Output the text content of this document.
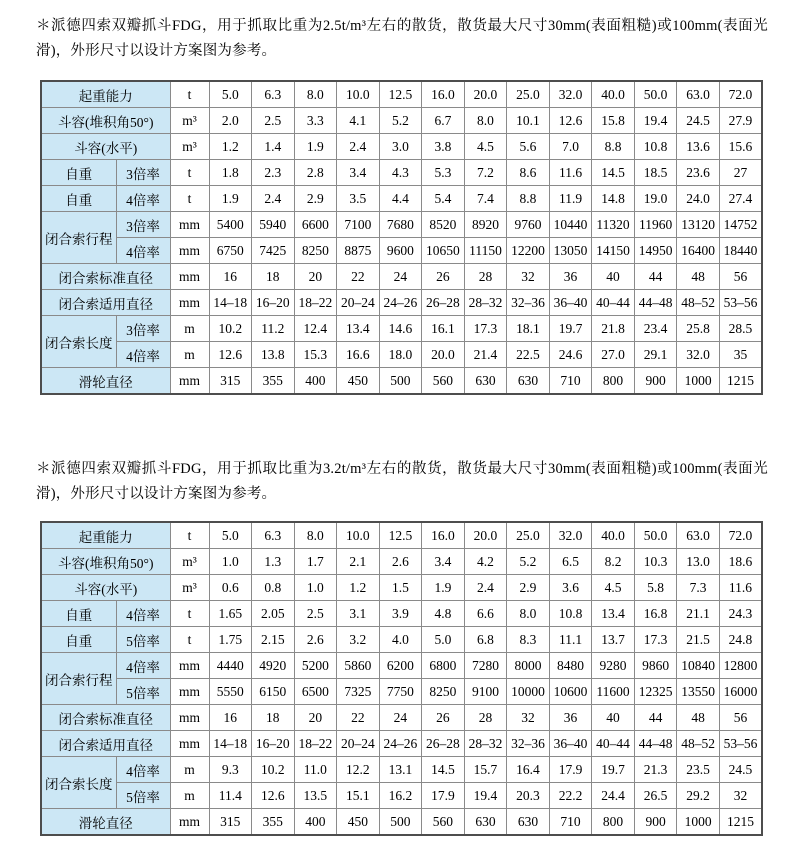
＊派德四索双瓣抓斗FDG，用于抓取比重为2.5t/m³左右的散货，散货最大尺寸30mm(表面粗糙)或100mm(表面光滑)，外形尺寸以设计方案图为参考。

起重能力		t	5.0	6.3	8.0	10.0	12.5	16.0	20.0	25.0	32.0	40.0	50.0	63.0	72.0
斗容(堆积角50°)		m³	2.0	2.5	3.3	4.1	5.2	6.7	8.0	10.1	12.6	15.8	19.4	24.5	27.9
斗容(水平)		m³	1.2	1.4	1.9	2.4	3.0	3.8	4.5	5.6	7.0	8.8	10.8	13.6	15.6
自重	3倍率	t	1.8	2.3	2.8	3.4	4.3	5.3	7.2	8.6	11.6	14.5	18.5	23.6	27
自重	4倍率	t	1.9	2.4	2.9	3.5	4.4	5.4	7.4	8.8	11.9	14.8	19.0	24.0	27.4
闭合索行程	3倍率	mm	5400	5940	6600	7100	7680	8520	8920	9760	10440	11320	11960	13120	14752
	4倍率	mm	6750	7425	8250	8875	9600	10650	11150	12200	13050	14150	14950	16400	18440
闭合索标准直径		mm	16	18	20	22	24	26	28	32	36	40	44	48	56
闭合索适用直径		mm	14–18	16–20	18–22	20–24	24–26	26–28	28–32	32–36	36–40	40–44	44–48	48–52	53–56
闭合索长度	3倍率	m	10.2	11.2	12.4	13.4	14.6	16.1	17.3	18.1	19.7	21.8	23.4	25.8	28.5
	4倍率	m	12.6	13.8	15.3	16.6	18.0	20.0	21.4	22.5	24.6	27.0	29.1	32.0	35
滑轮直径		mm	315	355	400	450	500	560	630	630	710	800	900	1000	1215

＊派德四索双瓣抓斗FDG，用于抓取比重为3.2t/m³左右的散货，散货最大尺寸30mm(表面粗糙)或100mm(表面光滑)，外形尺寸以设计方案图为参考。

起重能力		t	5.0	6.3	8.0	10.0	12.5	16.0	20.0	25.0	32.0	40.0	50.0	63.0	72.0
斗容(堆积角50°)		m³	1.0	1.3	1.7	2.1	2.6	3.4	4.2	5.2	6.5	8.2	10.3	13.0	18.6
斗容(水平)		m³	0.6	0.8	1.0	1.2	1.5	1.9	2.4	2.9	3.6	4.5	5.8	7.3	11.6
自重	4倍率	t	1.65	2.05	2.5	3.1	3.9	4.8	6.6	8.0	10.8	13.4	16.8	21.1	24.3
自重	5倍率	t	1.75	2.15	2.6	3.2	4.0	5.0	6.8	8.3	11.1	13.7	17.3	21.5	24.8
闭合索行程	4倍率	mm	4440	4920	5200	5860	6200	6800	7280	8000	8480	9280	9860	10840	12800
	5倍率	mm	5550	6150	6500	7325	7750	8250	9100	10000	10600	11600	12325	13550	16000
闭合索标准直径		mm	16	18	20	22	24	26	28	32	36	40	44	48	56
闭合索适用直径		mm	14–18	16–20	18–22	20–24	24–26	26–28	28–32	32–36	36–40	40–44	44–48	48–52	53–56
闭合索长度	4倍率	m	9.3	10.2	11.0	12.2	13.1	14.5	15.7	16.4	17.9	19.7	21.3	23.5	24.5
	5倍率	m	11.4	12.6	13.5	15.1	16.2	17.9	19.4	20.3	22.2	24.4	26.5	29.2	32
滑轮直径		mm	315	355	400	450	500	560	630	630	710	800	900	1000	1215
